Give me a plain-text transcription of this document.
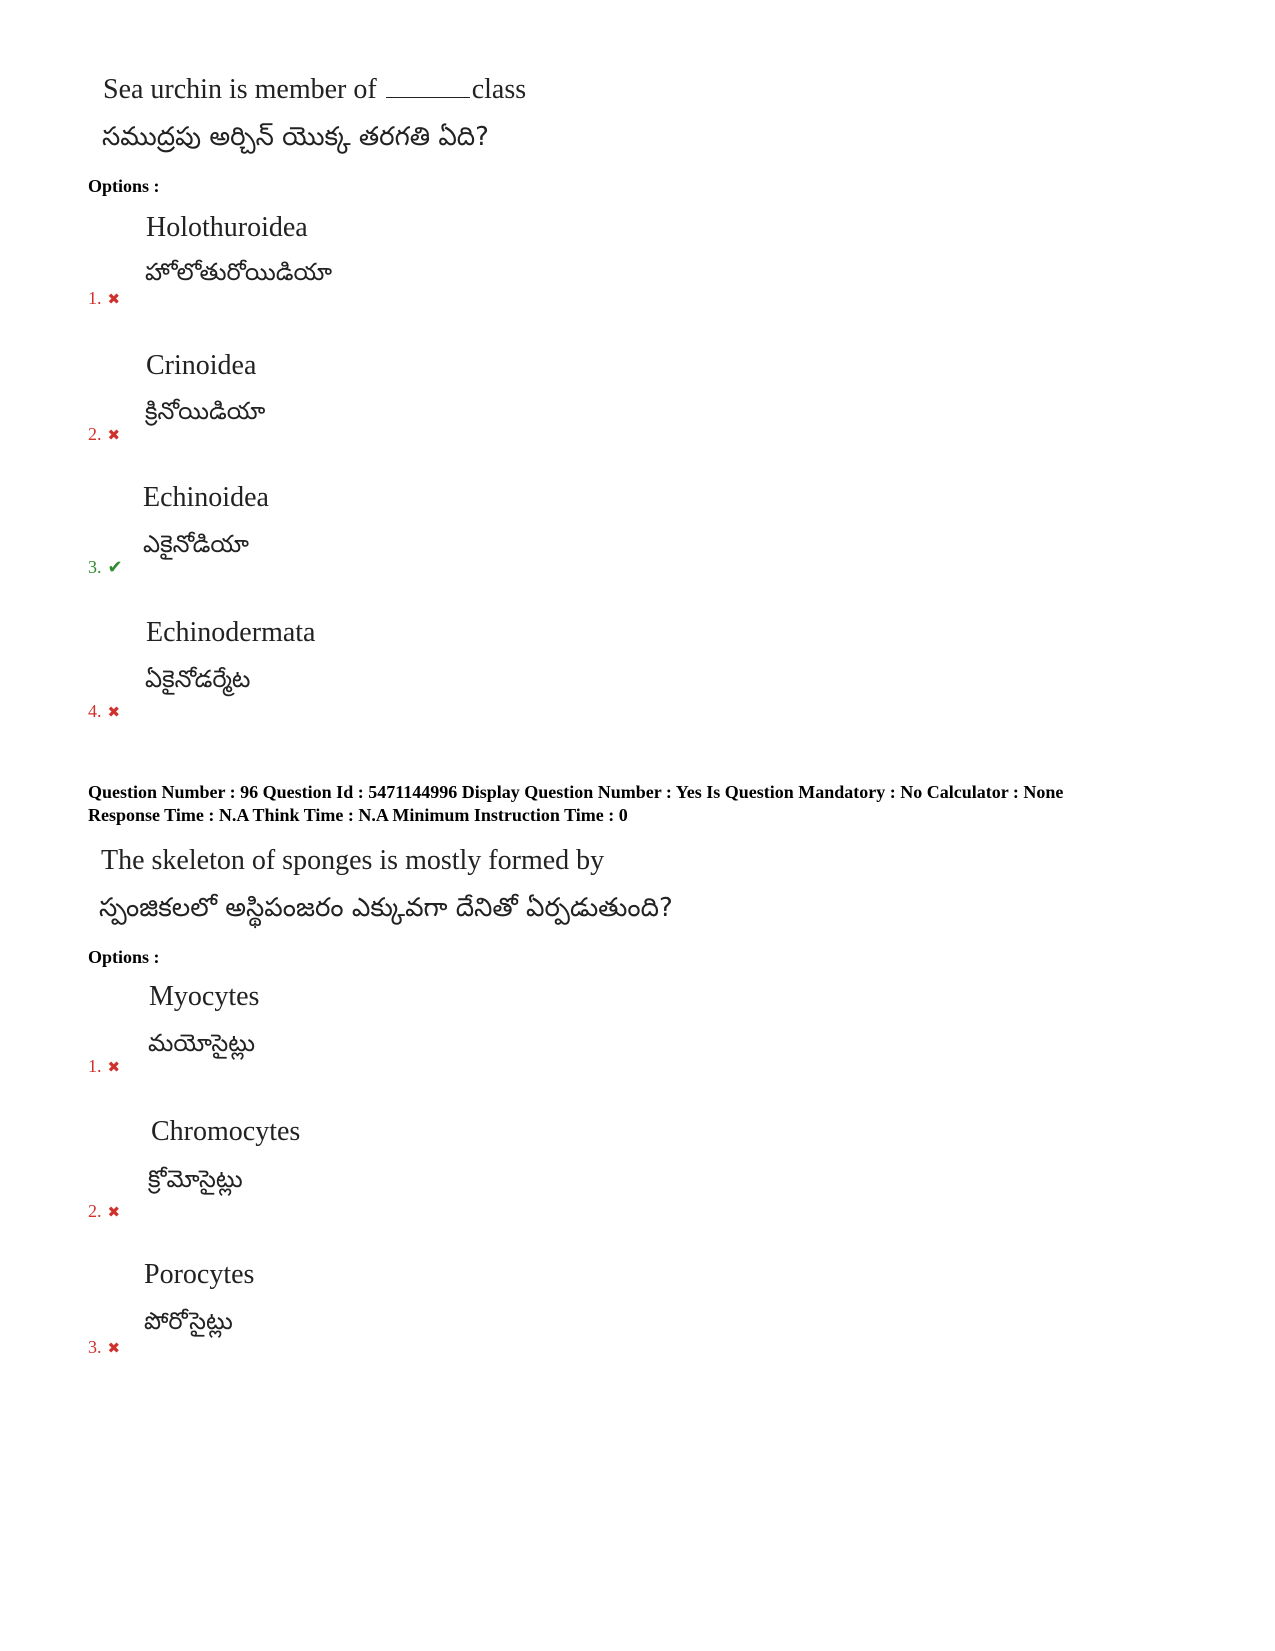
Sea urchin is member of	class
సముద్రపు అర్చిన్ యొక్క తరగతి ఏది?
Options :
Holothuroidea
హోలోతురోయిడియా
1. ✖
Crinoidea
క్రినోయిడియా
2. ✖
Echinoidea
ఎకైనోడియా
3. ✔
Echinodermata
ఏకైనోడర్మేట
4. ✖
Question Number : 96 Question Id : 5471144996 Display Question Number : Yes Is Question Mandatory : No Calculator : None
Response Time : N.A Think Time : N.A Minimum Instruction Time : 0
The skeleton of sponges is mostly formed by
స్పంజికలలో అస్థిపంజరం ఎక్కువగా దేనితో ఏర్పడుతుంది?
Options :
Myocytes
మయోసైట్లు
1. ✖
Chromocytes
క్రోమోసైట్లు
2. ✖
Porocytes
పోరోసైట్లు
3. ✖
